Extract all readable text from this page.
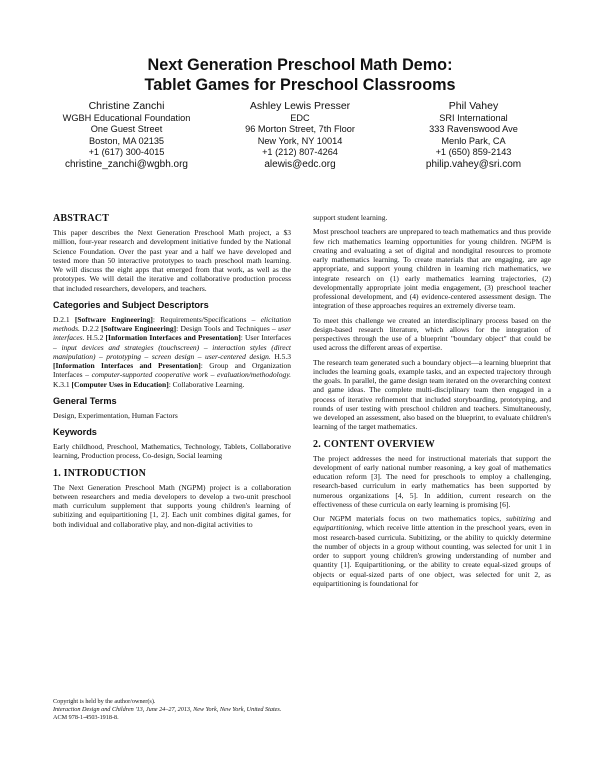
Next Generation Preschool Math Demo:
Tablet Games for Preschool Classrooms
Christine Zanchi
WGBH Educational Foundation
One Guest Street
Boston, MA 02135
+1 (617) 300-4015
christine_zanchi@wgbh.org
Ashley Lewis Presser
EDC
96 Morton Street, 7th Floor
New York, NY 10014
+1 (212) 807-4264
alewis@edc.org
Phil Vahey
SRI International
333 Ravenswood Ave
Menlo Park, CA
+1 (650) 859-2143
philip.vahey@sri.com
ABSTRACT

This paper describes the Next Generation Preschool Math project, a $3 million, four-year research and development initiative funded by the National Science Foundation. Over the past year and a half we have developed and tested more than 50 interactive prototypes to teach preschool math learning. We will discuss the eight apps that emerged from that work, as well as the prototypes. We will detail the iterative and collaborative production process that included researchers, developers, and teachers.

Categories and Subject Descriptors

D.2.1 [Software Engineering]: Requirements/Specifications – elicitation methods. D.2.2 [Software Engineering]: Design Tools and Techniques – user interfaces. H.5.2 [Information Interfaces and Presentation]: User Interfaces – input devices and strategies (touchscreen) – interaction styles (direct manipulation) – prototyping – screen design – user-centered design. H.5.3 [Information Interfaces and Presentation]: Group and Organization Interfaces – computer-supported cooperative work – evaluation/methodology. K.3.1 [Computer Uses in Education]: Collaborative Learning.

General Terms

Design, Experimentation, Human Factors

Keywords

Early childhood, Preschool, Mathematics, Technology, Tablets, Collaborative learning, Production process, Co-design, Social learning

1. INTRODUCTION

The Next Generation Preschool Math (NGPM) project is a collaboration between researchers and media developers to develop a two-unit preschool math curriculum supplement that supports young children's learning of subitizing and equipartitioning [1, 2]. Each unit combines digital games, for both individual and collaborative play, and non-digital activities to

Copyright is held by the author/owner(s).
Interaction Design and Children '13, June 24–27, 2013, New York, New York, United States.
ACM 978-1-4503-1918-8.

support student learning.

Most preschool teachers are unprepared to teach mathematics and thus provide few rich mathematics learning opportunities for young children. NGPM is creating and evaluating a set of digital and nondigital resources to promote early mathematics learning. To create materials that are engaging, are age appropriate, and support young children in learning rich mathematics, we integrate research on (1) early mathematics learning trajectories, (2) developmentally appropriate joint media engagement, (3) preschool teacher professional development, and (4) evidence-centered assessment design. The integration of these approaches requires an extremely diverse team.

To meet this challenge we created an interdisciplinary process based on the design-based research literature, which allows for the integration of perspectives through the use of a blueprint "boundary object" that could be used across the different areas of expertise.

The research team generated such a boundary object—a learning blueprint that includes the learning goals, example tasks, and an expected trajectory through the goals. In parallel, the game design team iterated on the overarching context and game ideas. The complete multi-disciplinary team then engaged in a process of iterative refinement that included storyboarding, prototyping, and rounds of user testing with preschool children and teachers. Simultaneously, we developed an assessment, also based on the blueprint, to evaluate children's learning of the target mathematics.

2. CONTENT OVERVIEW

The project addresses the need for instructional materials that support the development of early national number reasoning, a key goal of mathematics education reform [3]. The need for preschools to employ a challenging, research-based curriculum in early mathematics has been supported by numerous organizations [4, 5]. In addition, current research on the effectiveness of these curricula on early learning is promising [6].

Our NGPM materials focus on two mathematics topics, subitizing and equipartitioning, which receive little attention in the preschool years, even in most research-based curricula. Subitizing, or the ability to quickly determine the number of objects in a group without counting, was selected for unit 1 in order to support young children's growing understanding of number and quantity [1]. Equipartitioning, or the ability to create equal-sized groups of objects or equal-sized parts of one object, was selected for unit 2, as equipartitioning is foundational for
